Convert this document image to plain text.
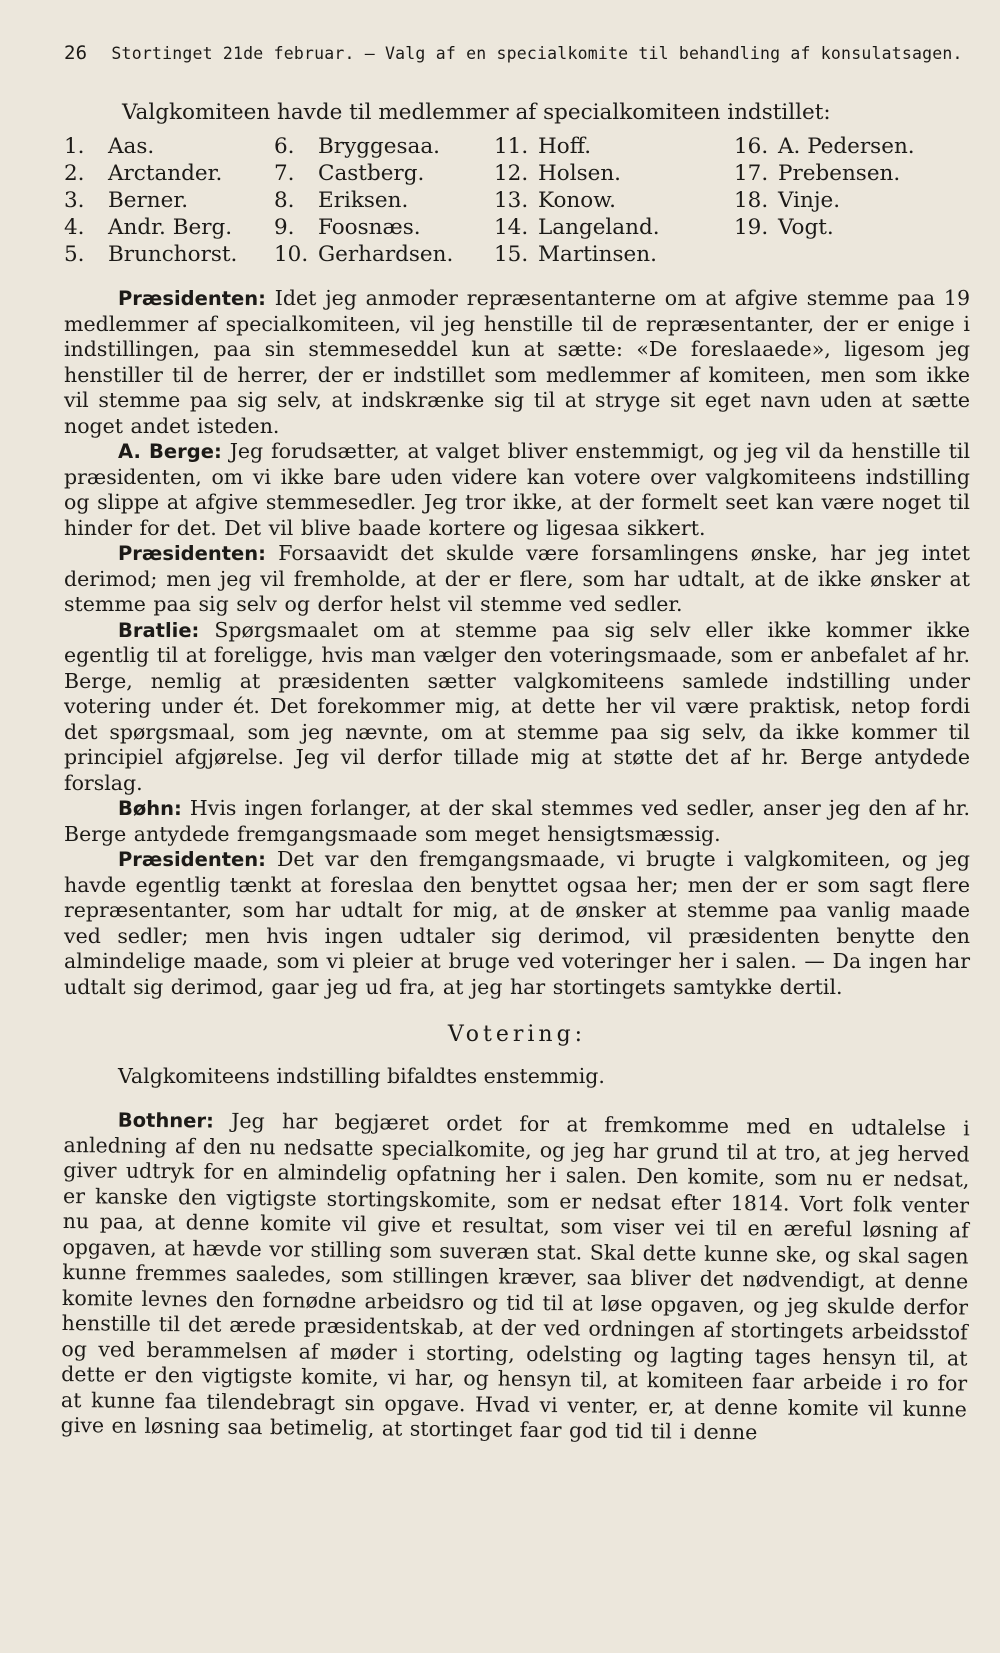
26 Stortinget 21de februar. — Valg af en specialkomite til behandling af konsulatsagen.
Valgkomiteen havde til medlemmer af specialkomiteen indstillet:
1. Aas.	6. Bryggesaa.	11. Hoff.	16. A. Pedersen.
2. Arctander.	7. Castberg.	12. Holsen.	17. Prebensen.
3. Berner.	8. Eriksen.	13. Konow.	18. Vinje.
4. Andr. Berg.	9. Foosnæs.	14. Langeland.	19. Vogt.
5. Brunchorst.	10. Gerhardsen.	15. Martinsen.

Præsidenten: Idet jeg anmoder repræsentanterne om at afgive stemme paa 19 medlemmer af specialkomiteen, vil jeg henstille til de repræsentanter, der er enige i indstillingen, paa sin stemmeseddel kun at sætte: «De foreslaaede», ligesom jeg henstiller til de herrer, der er indstillet som medlemmer af komiteen, men som ikke vil stemme paa sig selv, at indskrænke sig til at stryge sit eget navn uden at sætte noget andet isteden.

A. Berge: Jeg forudsætter, at valget bliver enstemmigt, og jeg vil da henstille til præsidenten, om vi ikke bare uden videre kan votere over valgkomiteens indstilling og slippe at afgive stemmesedler. Jeg tror ikke, at der formelt seet kan være noget til hinder for det. Det vil blive baade kortere og ligesaa sikkert.

Præsidenten: Forsaavidt det skulde være forsamlingens ønske, har jeg intet derimod; men jeg vil fremholde, at der er flere, som har udtalt, at de ikke ønsker at stemme paa sig selv og derfor helst vil stemme ved sedler.

Bratlie: Spørgsmaalet om at stemme paa sig selv eller ikke kommer ikke egentlig til at foreligge, hvis man vælger den voteringsmaade, som er anbefalet af hr. Berge, nemlig at præsidenten sætter valgkomiteens samlede indstilling under votering under ét. Det forekommer mig, at dette her vil være praktisk, netop fordi det spørgsmaal, som jeg nævnte, om at stemme paa sig selv, da ikke kommer til principiel afgjørelse. Jeg vil derfor tillade mig at støtte det af hr. Berge antydede forslag.

Bøhn: Hvis ingen forlanger, at der skal stemmes ved sedler, anser jeg den af hr. Berge antydede fremgangsmaade som meget hensigtsmæssig.

Præsidenten: Det var den fremgangsmaade, vi brugte i valgkomiteen, og jeg havde egentlig tænkt at foreslaa den benyttet ogsaa her; men der er som sagt flere repræsentanter, som har udtalt for mig, at de ønsker at stemme paa vanlig maade ved sedler; men hvis ingen udtaler sig derimod, vil præsidenten benytte den almindelige maade, som vi pleier at bruge ved voteringer her i salen. — Da ingen har udtalt sig derimod, gaar jeg ud fra, at jeg har stortingets samtykke dertil.

Votering:
Valgkomiteens indstilling bifaldtes enstemmig.

Bothner: Jeg har begjæret ordet for at fremkomme med en udtalelse i anledning af den nu nedsatte specialkomite, og jeg har grund til at tro, at jeg herved giver udtryk for en almindelig opfatning her i salen. Den komite, som nu er nedsat, er kanske den vigtigste stortingskomite, som er nedsat efter 1814. Vort folk venter nu paa, at denne komite vil give et resultat, som viser vei til en æreful løsning af opgaven, at hævde vor stilling som suveræn stat. Skal dette kunne ske, og skal sagen kunne fremmes saaledes, som stillingen kræver, saa bliver det nødvendigt, at denne komite levnes den fornødne arbeidsro og tid til at løse opgaven, og jeg skulde derfor henstille til det ærede præsidentskab, at der ved ordningen af stortingets arbeidsstof og ved berammelsen af møder i storting, odelsting og lagting tages hensyn til, at dette er den vigtigste komite, vi har, og hensyn til, at komiteen faar arbeide i ro for at kunne faa tilendebragt sin opgave. Hvad vi venter, er, at denne komite vil kunne give en løsning saa betimelig, at stortinget faar god tid til i denne
